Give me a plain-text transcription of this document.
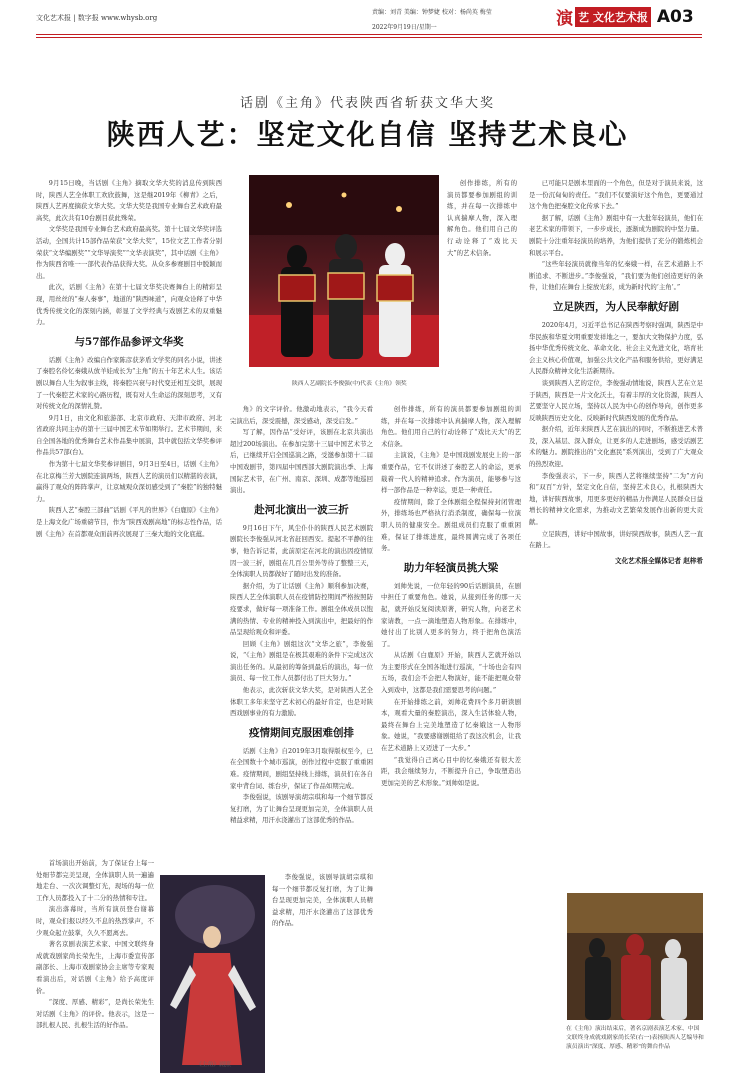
文化艺术报 | 数字报 www.whysb.org
责编：刘青 美编：钟梦婕 校对：杨尚英 梅莹
2022年9月19日/星期一	演 艺 文化艺术报 A03
话剧《主角》代表陕西省斩获文华大奖
陕西人艺：坚定文化自信 坚持艺术良心
陕西人艺副院长李俊强(中)代表《主角》领奖
《主角》剧照
在《主角》演出结束后，著名京剧表演艺术家、中国文联终身成就戏剧家尚长荣(右一)表扬陕西人艺编导和演员演出"深度、厚感、精彩"的舞台作品

9月15日晚，当话剧《主角》摘取文华大奖的消息传到陕西时，陕西人艺全体职工欢欣鼓舞，这是继2019年《柳青》之后，陕西人艺再度摘获文华大奖。文华大奖是我国专业舞台艺术政府最高奖，此次共有10台剧目获此殊荣。

文华奖是我国专业舞台艺术政府最高奖。第十七届文华奖评选活动，全国共计15部作品荣获“文华大奖”，15位文艺工作者分别荣获“文华编剧奖”“文华导演奖”“文华表演奖”，其中话剧《主角》作为陕西省唯一一部代表作品获得大奖。从众多参赛剧目中脱颖而出。

此次，话剧《主角》在第十七届文华奖决赛舞台上的精彩呈现，用丝丝的“秦人秦事”，地道的“陕西味道”，向观众诠释了中华优秀传统文化的深刻内涵，彰显了文学经典与戏剧艺术的双重魅力。

与57部作品参评文华奖

话剧《主角》改编自作家陈彦获茅盾文学奖的同名小说，讲述了秦腔名伶忆秦娥从放羊娃成长为“主角”的五十年艺术人生。该话剧以舞台人生为叙事主线，将秦腔兴衰与时代变迁相互交织，展现了一代秦腔艺术家的心路历程，既有对人生命运的深刻思考，又有对传统文化的深情礼赞。

9月1日，由文化和旅游部、北京市政府、天津市政府、河北省政府共同主办的第十三届中国艺术节如期举行。艺术节期间，来自全国各地的优秀舞台艺术作品集中展演，其中就包括文华奖参评作品共57部(台)。

作为第十七届文华奖参评剧目，9月3日至4日，话剧《主角》在北京梅兰芳大剧院连演两场，陕西人艺的演员们以精湛的表演，赢得了观众的阵阵掌声，让京城观众深切感受到了“秦腔”的独特魅力。

陕西人艺“秦腔三部曲”话剧《平凡的世界》《白鹿原》《主角》是上海文化广场重磅节目，作为“陕西戏剧高地”的标志性作品，话剧《主角》在首都观众面前再次展现了三秦大地的文化底蕴。

首场演出开始前，为了保证台上每一处细节都完美呈现，全体演职人员一遍遍地走台、一次次调整灯光，现场的每一位工作人员都投入了十二分的热情和专注。

演出落幕时，当所有演员登台谢幕时，观众们报以经久不息的热烈掌声，不少观众起立鼓掌，久久不愿离去。

著名京剧表演艺术家、中国文联终身成就戏剧家尚长荣先生，上海市委宣传部副部长、上海市戏剧家协会主席等专家观看演出后，对话剧《主角》给予高度评价。

“深度、厚感、精彩”，是尚长荣先生对话剧《主角》的评价。他表示，这是一部扎根人民、扎根生活的好作品。

角》的文字评价。他激动地表示，“我今天看完演出后，深受震撼，深受感动，深受启发。”

写了解，因作品“受好评，该剧在北京共演出超过200场演出。在参加完第十三届中国艺术节之后，已继续开启全国巡演之路，受邀参加第十二届中国戏剧节，第四届中国西部大剧院演出季、上海国际艺术节，在广州、南京、深圳、成都等地巡回演出。

赴河北演出一波三折

9月16日下午，风尘仆仆的陕西人民艺术剧院剧院长李俊强从河北省赶回西安。提起不平静的往事，他告诉记者，此前原定在河北的演出因疫情原因一波三折，剧组在几百公里外等待了整整三天，全体演职人员都做好了随时出发的准备。

据介绍，为了让话剧《主角》顺利参加决赛，陕西人艺全体演职人员在疫情防控期间严格按照防疫要求，做好每一项准备工作。剧组全体成员以饱满的热情、专业的精神投入到演出中，把最好的作品呈现给观众和评委。

回顾《主角》剧组这次“文华之旅”，李俊强说，“《主角》剧组是在极其艰难的条件下完成这次演出任务的。从最初的筹备到最后的演出，每一位演员、每一位工作人员都付出了巨大努力。”

他表示，此次斩获文华大奖，是对陕西人艺全体职工多年来坚守艺术初心的最好肯定，也是对陕西戏剧事业的有力激励。

疫情期间克服困难创排

话剧《主角》自2019年3月取得版权至今，已在全国数十个城市巡演，创作过程中克服了重重困难。疫情期间，剧组坚持线上排练，演员们在各自家中背台词、练台步，保证了作品如期完成。

李俊强说，该剧导演胡宗琪和每一个细节都反复打磨，为了让舞台呈现更加完美，全体演职人员精益求精，用汗水浇灌出了这部优秀的作品。

李俊强说，该剧导演胡宗琪和每一个细节都反复打磨，为了让舞台呈现更加完美，全体演职人员精益求精，用汗水浇灌出了这部优秀的作品。

创作排练，所有的演员都要参加剧组的训练，并在每一次排练中认真揣摩人物，深入理解角色。他们用自己的行动诠释了“戏比天大”的艺术信条。

主演说，《主角》是中国戏剧发展史上的一部重要作品，它不仅讲述了秦腔艺人的命运，更承载着一代人的精神追求。作为演员，能够参与这样一部作品是一种幸运，更是一种责任。

疫情期间，除了全体剧组全程保持封闭管理外，排练场也严格执行消杀制度，确保每一位演职人员的健康安全。剧组成员们克服了重重困难，保证了排练进度，最终圆满完成了各项任务。

助力年轻演员挑大梁

刘帅先说，一位年轻的90后话剧演员，在剧中担任了重要角色。她说，从接到任务的那一天起，就开始反复阅读原著，研究人物，向老艺术家请教，一点一滴地塑造人物形象。在排练中，她付出了比别人更多的努力，终于把角色演活了。

从话剧《白鹿原》开始，陕西人艺就开始以为主要形式在全国各地进行巡演，“十场也会有四五场，我们会不会把人物演好，能不能把观众带入到戏中，这都是我们需要思考的问题。”

在开始排练之前，刘帅花费四个多月研读剧本，观看大量的秦腔演出，深入生活体验人物，最终在舞台上完美地塑造了忆秦娥这一人物形象。她说，“我要感谢剧组给了我这次机会，让我在艺术道路上又迈进了一大步。”

“我觉得自己离心目中的忆秦娥还有很大差距，我会继续努力，不断提升自己，争取塑造出更加完美的艺术形象。”刘帅如是说。

创作排练，所有的演员都要参加剧组的训练，并在每一次排练中认真揣摩人物，深入理解角色。他们用自己的行动诠释了“戏比天大”的艺术信条。

已可能只是剧本里面的一个角色，但是对于演员来说，这是一份沉甸甸的责任。“我们不仅要演好这个角色，更要通过这个角色把秦腔文化传承下去。”

据了解，话剧《主角》剧组中有一大批年轻演员，他们在老艺术家的带领下，一步步成长，逐渐成为剧院的中坚力量。剧院十分注重年轻演员的培养，为他们提供了充分的锻炼机会和展示平台。

“这些年轻演员就像当年的忆秦娥一样，在艺术道路上不断追求、不断进步。”李俊强说，“我们要为他们创造更好的条件，让他们在舞台上绽放光彩，成为新时代的‘主角’。”

立足陕西，为人民奉献好剧

2020年4月，习近平总书记在陕西考察时强调，陕西是中华民族和华夏文明重要发祥地之一，要加大文物保护力度，弘扬中华优秀传统文化、革命文化、社会主义先进文化，培育社会主义核心价值观，加强公共文化产品和服务供给，更好满足人民群众精神文化生活新期待。

谈到陕西人艺的定位，李俊强动情地说，陕西人艺在立足于陕西，陕西是一片文化沃土，有着丰厚的文化资源，陕西人艺要坚守人民立场，坚持以人民为中心的创作导向，创作更多反映陕西历史文化、反映新时代陕西发展的优秀作品。

据介绍，近年来陕西人艺在演出的同时，不断推进艺术普及，深入基层、深入群众，让更多的人走进剧场，感受话剧艺术的魅力。剧院推出的“文化惠民”系列演出，受到了广大观众的热烈欢迎。

李俊强表示，下一步，陕西人艺将继续坚持“二为”方向和“双百”方针，坚定文化自信，坚持艺术良心，扎根陕西大地，讲好陕西故事，用更多更好的精品力作满足人民群众日益增长的精神文化需求，为推动文艺繁荣发展作出新的更大贡献。

立足陕西，讲好中国故事，讲好陕西故事，陕西人艺一直在路上。

文化艺术报全媒体记者 赵梓希
